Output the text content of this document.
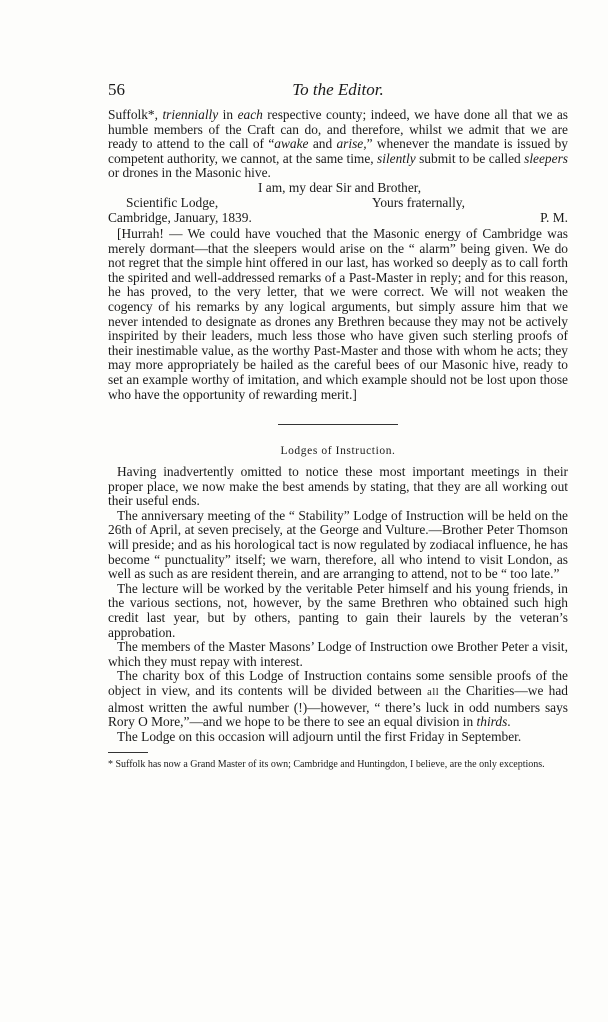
56	To the Editor.

Suffolk*, triennially in each respective county; indeed, we have done all that we as humble members of the Craft can do, and therefore, whilst we admit that we are ready to attend to the call of “awake and arise,” whenever the mandate is issued by competent authority, we cannot, at the same time, silently submit to be called sleepers or drones in the Masonic hive.

I am, my dear Sir and Brother,
Scientific Lodge,	Yours fraternally,
Cambridge, January, 1839.	P. M.

[Hurrah! — We could have vouched that the Masonic energy of Cambridge was merely dormant—that the sleepers would arise on the “ alarm” being given. We do not regret that the simple hint offered in our last, has worked so deeply as to call forth the spirited and well-addressed remarks of a Past-Master in reply; and for this reason, he has proved, to the very letter, that we were correct. We will not weaken the cogency of his remarks by any logical arguments, but simply assure him that we never intended to designate as drones any Brethren because they may not be actively inspirited by their leaders, much less those who have given such sterling proofs of their inestimable value, as the worthy Past-Master and those with whom he acts; they may more appropriately be hailed as the careful bees of our Masonic hive, ready to set an example worthy of imitation, and which example should not be lost upon those who have the opportunity of rewarding merit.]

Lodges of Instruction.

Having inadvertently omitted to notice these most important meetings in their proper place, we now make the best amends by stating, that they are all working out their useful ends.

The anniversary meeting of the “ Stability” Lodge of Instruction will be held on the 26th of April, at seven precisely, at the George and Vulture.—Brother Peter Thomson will preside; and as his horological tact is now regulated by zodiacal influence, he has become “ punctuality” itself; we warn, therefore, all who intend to visit London, as well as such as are resident therein, and are arranging to attend, not to be “ too late.”

The lecture will be worked by the veritable Peter himself and his young friends, in the various sections, not, however, by the same Brethren who obtained such high credit last year, but by others, panting to gain their laurels by the veteran’s approbation.

The members of the Master Masons’ Lodge of Instruction owe Brother Peter a visit, which they must repay with interest.

The charity box of this Lodge of Instruction contains some sensible proofs of the object in view, and its contents will be divided between all the Charities—we had almost written the awful number (!)—however, “ there’s luck in odd numbers says Rory O More,”—and we hope to be there to see an equal division in thirds.

The Lodge on this occasion will adjourn until the first Friday in September.

* Suffolk has now a Grand Master of its own; Cambridge and Huntingdon, I believe, are the only exceptions.
